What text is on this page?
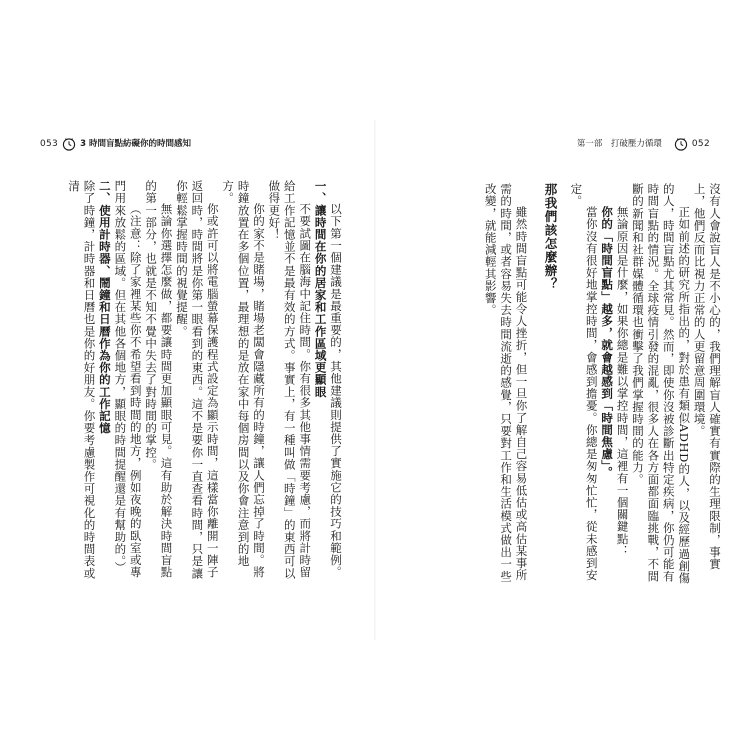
053	3 時間盲點紡礙你的時間感知	第一部　打破壓力循環	052

沒有人會說盲人是不小心的，我們理解盲人確實有實際的生理限制，事實上，他們反而比視力正常的人更留意周圍環境。

正如前述的研究所指出的，對於患有類似ADHD的人，以及經歷過創傷的人，時間盲點尤其常見。然而，即使你沒被診斷出特定疾病，你仍可能有時間盲點的情況。全球疫情引發的混亂，很多人在各方面都面臨挑戰，不間斷的新聞和社群媒體循環也衝擊了我們掌握時間的能力。

無論原因是什麼，如果你總是難以掌控時間，這裡有一個關鍵點：

你的「時間盲點」越多，就會越感到「時間焦慮」。

當你沒有很好地掌控時間，會感到擔憂。你總是匆匆忙忙，從未感到安定。

那我們該怎麼辦？

雖然時間盲點可能令人挫折，但一旦你了解自己容易低估或高估某事所需的時間，或者容易失去時間流逝的感覺，只要對工作和生活模式做出一些改變，就能減輕其影響。

以下第一個建議是最重要的，其他建議則提供了實施它的技巧和範例。

一、讓時間在你的居家和工作區域更顯眼

不要試圖在腦海中記住時間。你有很多其他事情需要考慮，而將計時留給工作記憶並不是最有效的方式。事實上，有一種叫做「時鐘」的東西可以做得更好！

你的家不是賭場，賭場老闆會隱藏所有的時鐘，讓人們忘掉了時間。將時鐘放置在多個位置，最理想的是放在家中每個房間以及你會注意到的地方。

你或許可以將電腦螢幕保護程式設定為顯示時間，這樣當你離開一陣子返回時，時間將是你第一眼看到的東西。這不是要你一直查看時間，只是讓你輕鬆掌握時間的視覺提醒。

無論你選擇怎麼做，都要讓時間更加顯眼可見。這有助於解決時間盲點的第一部分，也就是不知不覺中失去了對時間的掌控。

（注意：除了家裡某些你不希望看到時間的地方，例如夜晚的臥室或專門用來放鬆的區域。但在其他各個地方，顯眼的時間提醒還是有幫助的。）

二、使用計時器、鬧鐘和日曆作為你的工作記憶

除了時鐘，計時器和日曆也是你的好朋友。你要考慮製作可視化的時間表或清
